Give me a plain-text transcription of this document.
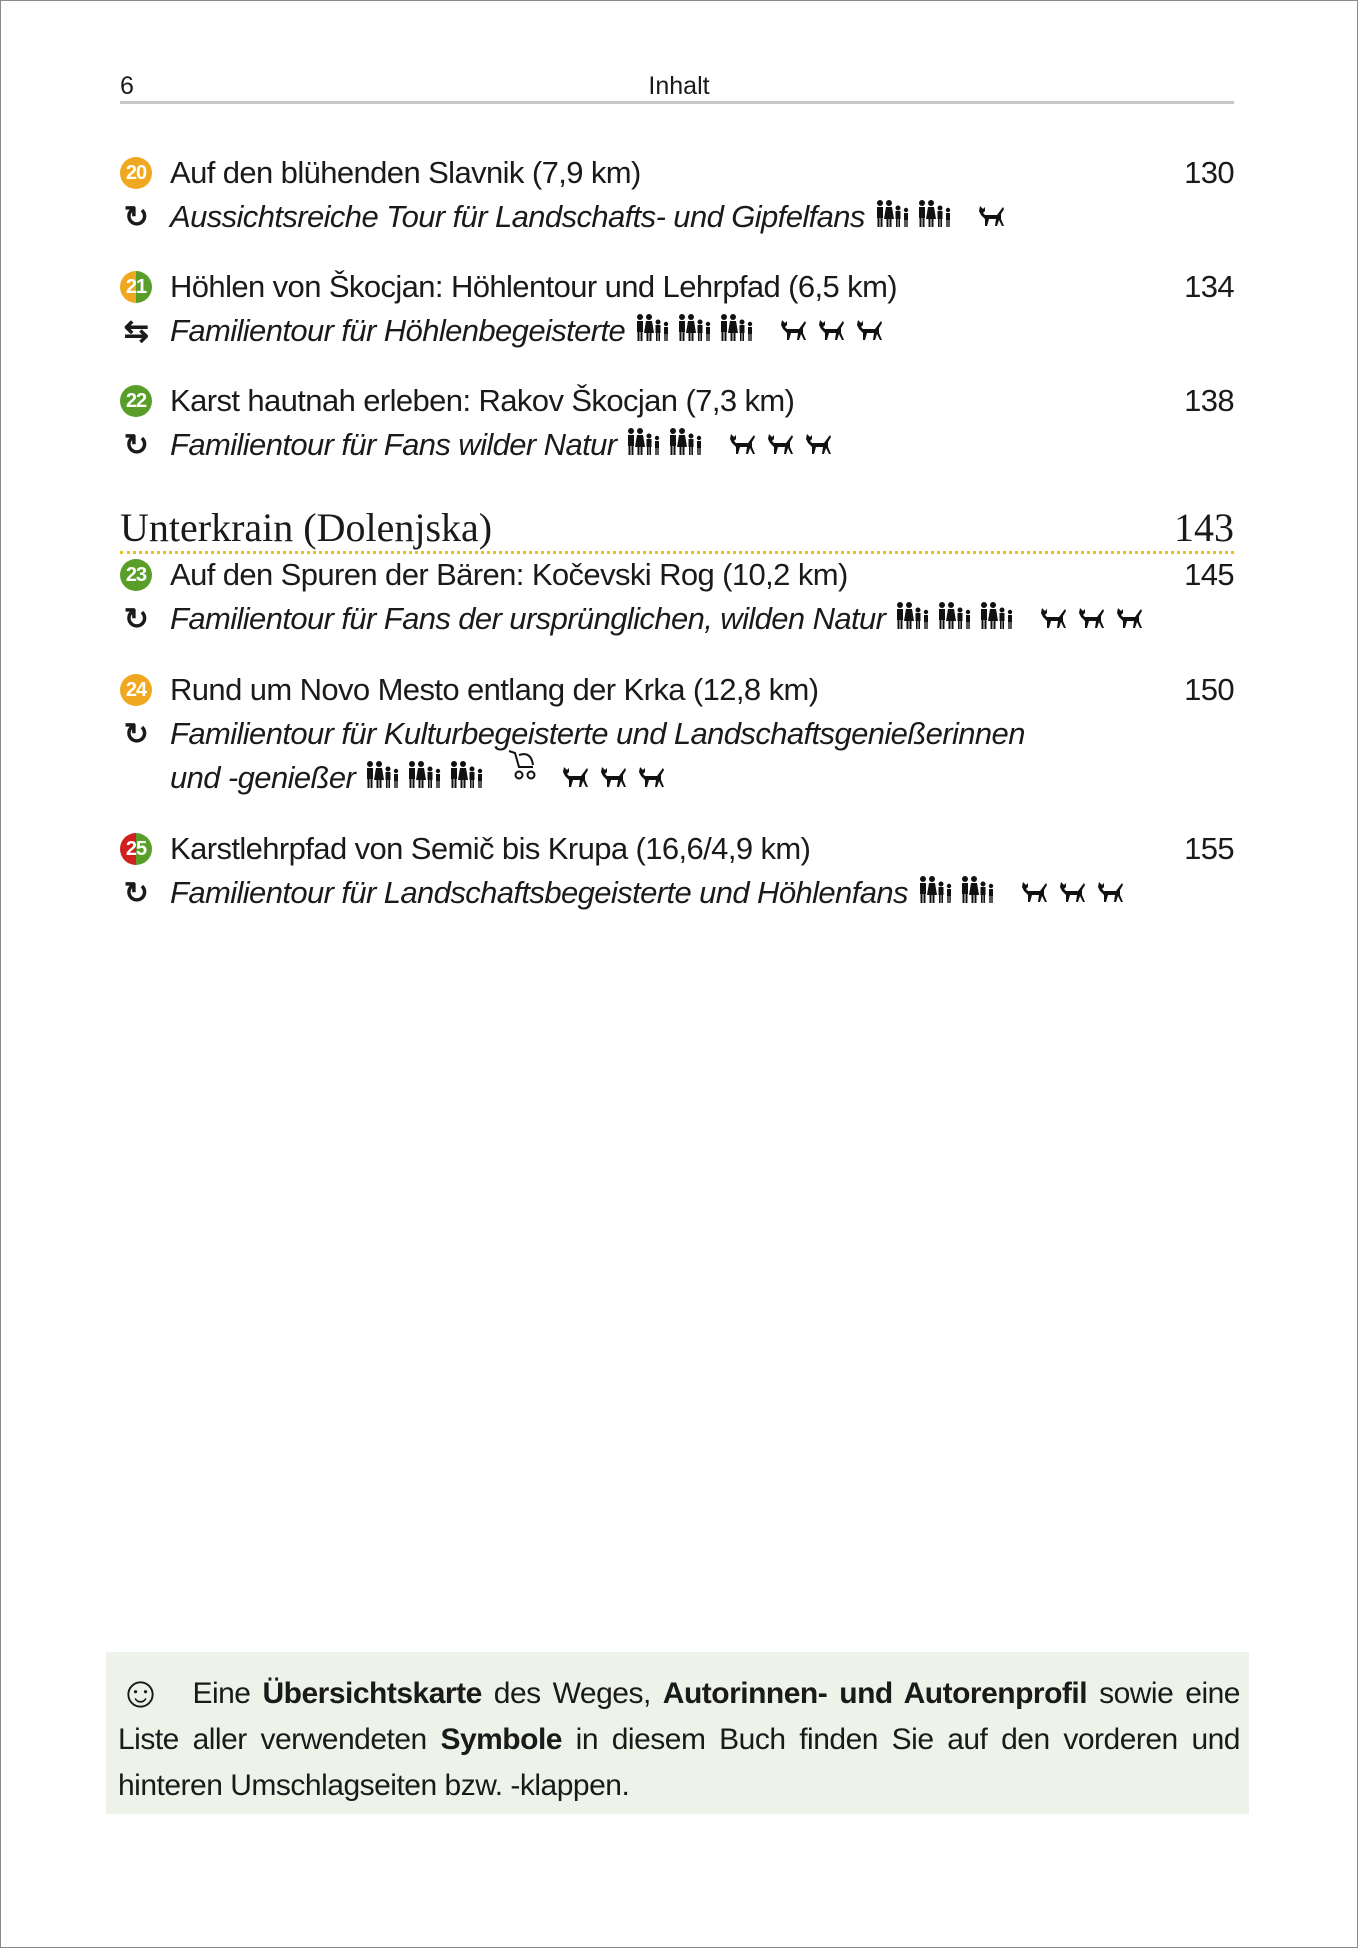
6	Inhalt
20 Auf den blühenden Slavnik (7,9 km)	130
↻ Aussichtsreiche Tour für Landschafts- und Gipfelfans
21 Höhlen von Škocjan: Höhlentour und Lehrpfad (6,5 km)	134
⇆ Familientour für Höhlenbegeisterte
22 Karst hautnah erleben: Rakov Škocjan (7,3 km)	138
↻ Familientour für Fans wilder Natur
Unterkrain (Dolenjska)	143
23 Auf den Spuren der Bären: Kočevski Rog (10,2 km)	145
↻ Familientour für Fans der ursprünglichen, wilden Natur
24 Rund um Novo Mesto entlang der Krka (12,8 km)	150
↻ Familientour für Kulturbegeisterte und Landschaftsgenießerinnen
und -genießer
25 Karstlehrpfad von Semič bis Krupa (16,6/4,9 km)	155
↻ Familientour für Landschaftsbegeisterte und Höhlenfans

☺ Eine Übersichtskarte des Weges, Autorinnen- und Autorenprofil sowie eine Liste aller verwendeten Symbole in diesem Buch finden Sie auf den vorderen und hinteren Umschlagseiten bzw. -klappen.
